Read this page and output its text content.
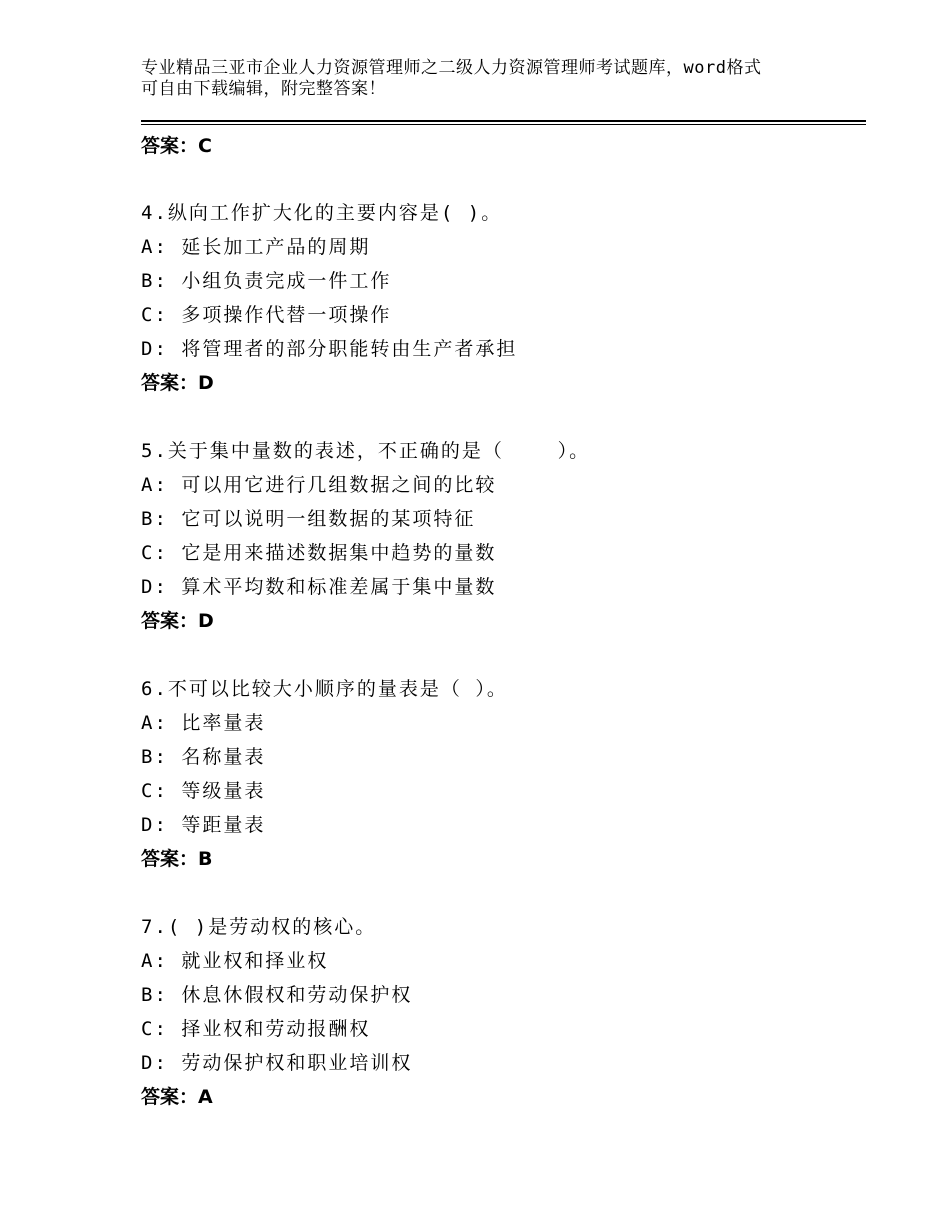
专业精品三亚市企业人力资源管理师之二级人力资源管理师考试题库，word格式
可自由下载编辑，附完整答案！
答案：C
4.纵向工作扩大化的主要内容是( )。
A: 延长加工产品的周期
B: 小组负责完成一件工作
C: 多项操作代替一项操作
D: 将管理者的部分职能转由生产者承担
答案：D
5.关于集中量数的表述，不正确的是（    ）。
A: 可以用它进行几组数据之间的比较
B: 它可以说明一组数据的某项特征
C: 它是用来描述数据集中趋势的量数
D: 算术平均数和标准差属于集中量数
答案：D
6.不可以比较大小顺序的量表是（ ）。
A: 比率量表
B: 名称量表
C: 等级量表
D: 等距量表
答案：B
7.( )是劳动权的核心。
A: 就业权和择业权
B: 休息休假权和劳动保护权
C: 择业权和劳动报酬权
D: 劳动保护权和职业培训权
答案：A
